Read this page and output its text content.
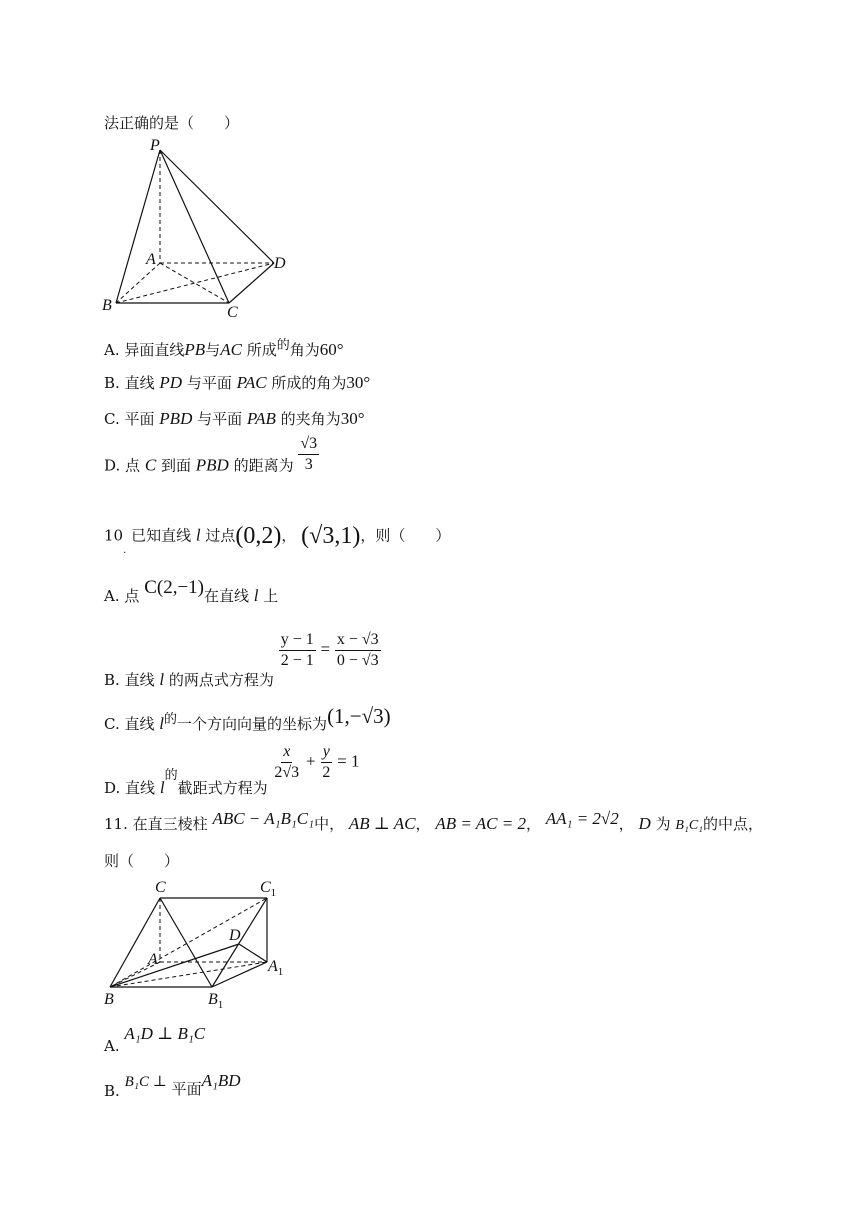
法正确的是（　　）
P
A	D
B	C
A. 异面直线PB与AC 所成$^的$角为60°
B. 直线 PD 与平面 PAC 所成的角为30°
C. 平面 PBD 与平面 PAB 的夹角为30°
D. 点 C 到面 PBD 的距离为 $\frac{√3}{3}$
$10_.$ 已知直线 l 过点(0,2)， (√3,1)，则（　　）
A. 点 C(2,−1)在直线 l 上
B. 直线 l 的两点式方程为
$\frac{y - 1}{2 - 1} = \frac{x - √3}{0 - √3}$
C. 直线 $l^的$一个方向向量的坐标为(1,−√3)
D. 直线 $l^的$截距式方程为
$\frac{x}{2√3} + \frac{y}{2} = 1$
11. 在直三棱柱 ABC − A₁B₁C₁中， AB ⊥ AC， AB = AC = 2， AA₁ = 2√2， D 为 B₁C₁的中点，
则（　　）
C	$C_1$
D
A	$A_1$
B	$B_1$
A. A₁D ⊥ B₁C
B. B₁C ⊥ 平面A₁BD
